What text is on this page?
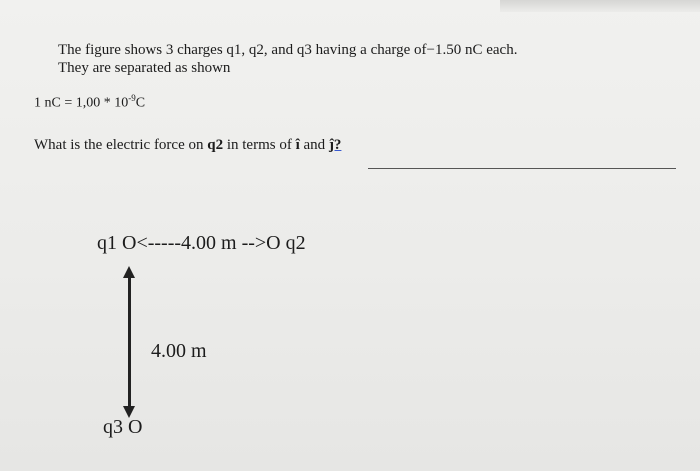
The figure shows 3 charges q1, q2, and q3 having a charge of−1.50 nC each.
They are separated as shown
1 nC = $1,00 * 10^{-9}C$
What is the electric force on q2 in terms of î and ĵ?
q1 O<-----4.00 m -->O q2
4.00 m
q3 O
